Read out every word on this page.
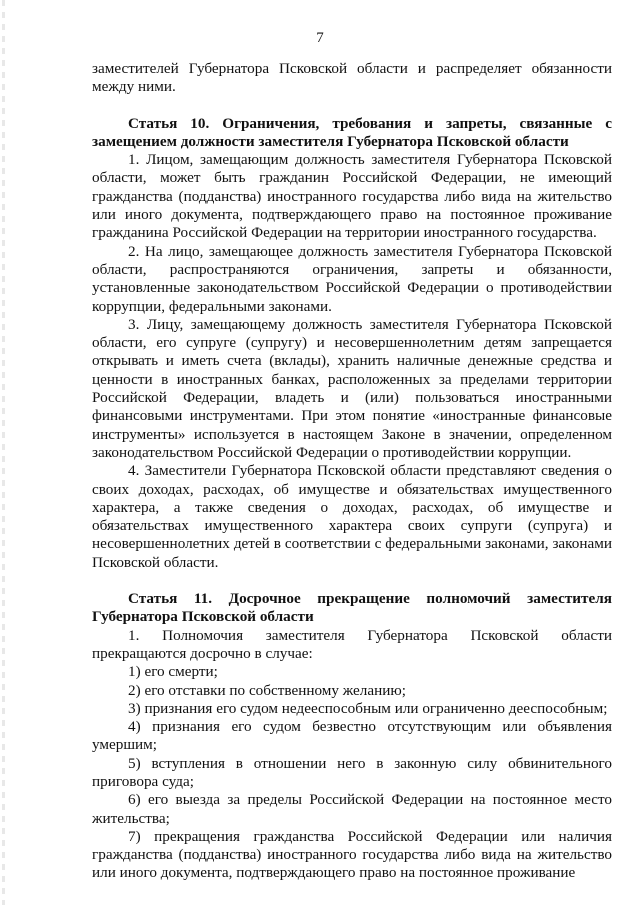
7

заместителей Губернатора Псковской области и распределяет обязанности между ними.

Статья 10. Ограничения, требования и запреты, связанные с замещением должности заместителя Губернатора Псковской области

1. Лицом, замещающим должность заместителя Губернатора Псковской области, может быть гражданин Российской Федерации, не имеющий гражданства (подданства) иностранного государства либо вида на жительство или иного документа, подтверждающего право на постоянное проживание гражданина Российской Федерации на территории иностранного государства.

2. На лицо, замещающее должность заместителя Губернатора Псковской области, распространяются ограничения, запреты и обязанности, установленные законодательством Российской Федерации о противодействии коррупции, федеральными законами.

3. Лицу, замещающему должность заместителя Губернатора Псковской области, его супруге (супругу) и несовершеннолетним детям запрещается открывать и иметь счета (вклады), хранить наличные денежные средства и ценности в иностранных банках, расположенных за пределами территории Российской Федерации, владеть и (или) пользоваться иностранными финансовыми инструментами. При этом понятие «иностранные финансовые инструменты» используется в настоящем Законе в значении, определенном законодательством Российской Федерации о противодействии коррупции.

4. Заместители Губернатора Псковской области представляют сведения о своих доходах, расходах, об имуществе и обязательствах имущественного характера, а также сведения о доходах, расходах, об имуществе и обязательствах имущественного характера своих супруги (супруга) и несовершеннолетних детей в соответствии с федеральными законами, законами Псковской области.

Статья 11. Досрочное прекращение полномочий заместителя Губернатора Псковской области

1. Полномочия заместителя Губернатора Псковской области прекращаются досрочно в случае:

1) его смерти;

2) его отставки по собственному желанию;

3) признания его судом недееспособным или ограниченно дееспособным;

4) признания его судом безвестно отсутствующим или объявления умершим;

5) вступления в отношении него в законную силу обвинительного приговора суда;

6) его выезда за пределы Российской Федерации на постоянное место жительства;

7) прекращения гражданства Российской Федерации или наличия гражданства (подданства) иностранного государства либо вида на жительство или иного документа, подтверждающего право на постоянное проживание
